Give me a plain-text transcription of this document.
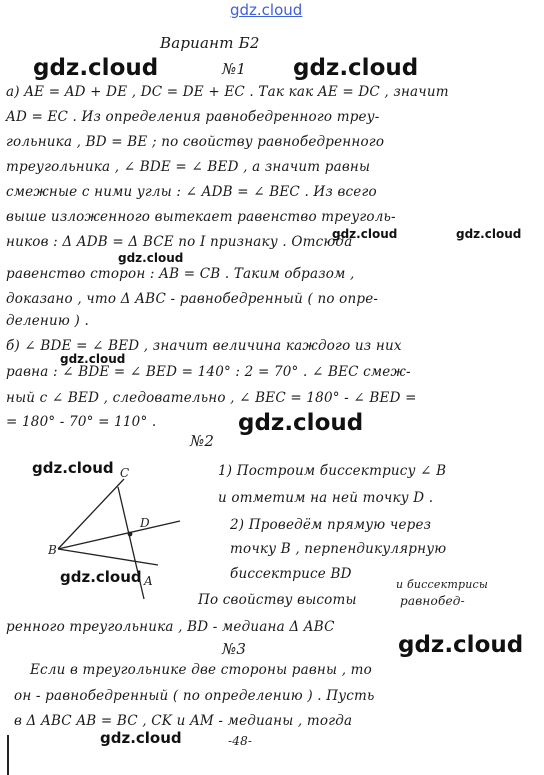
gdz.cloud
Вариант Б2
№1
а) AE = AD + DE , DC = DE + EC . Так как AE = DC , значит
AD = EC . Из определения равнобедренного треу-
гольника , BD = BE ; по свойству равнобедренного
треугольника , ∠ BDE = ∠ BED , а значит равны
смежные с ними углы : ∠ ADB = ∠ BEC . Из всего
выше изложенного вытекает равенство треуголь-
ников : Δ ADB = Δ BCE по I признаку . Отсюда
равенство сторон : AB = CB . Таким образом ,
доказано , что Δ ABC - равнобедренный ( по опре-
делению ) .
б) ∠ BDE = ∠ BED , значит величина каждого из них
равна : ∠ BDE = ∠ BED = 140° : 2 = 70° . ∠ BEC смеж-
ный с ∠ BED , следовательно , ∠ BEC = 180° - ∠ BED =
= 180° - 70° = 110° .
№2
B
C
D
A
1) Построим биссектрису ∠ B
и отметим на ней точку D .
2) Проведём прямую через
точку B , перпендикулярную
биссектрисе BD
По свойству высоты
и биссектрисы
равнобед-
ренного треугольника , BD - медиана Δ ABC
№3
Если в треугольнике две стороны равны , то
он - равнобедренный ( по определению ) . Пусть
в Δ ABC AB = BC , CK и AM - медианы , тогда
-48-
gdz.cloud	gdz.cloud
gdz.cloud	gdz.cloud
gdz.cloud
gdz.cloud
gdz.cloud
gdz.cloud
gdz.cloud
gdz.cloud
gdz.cloud
